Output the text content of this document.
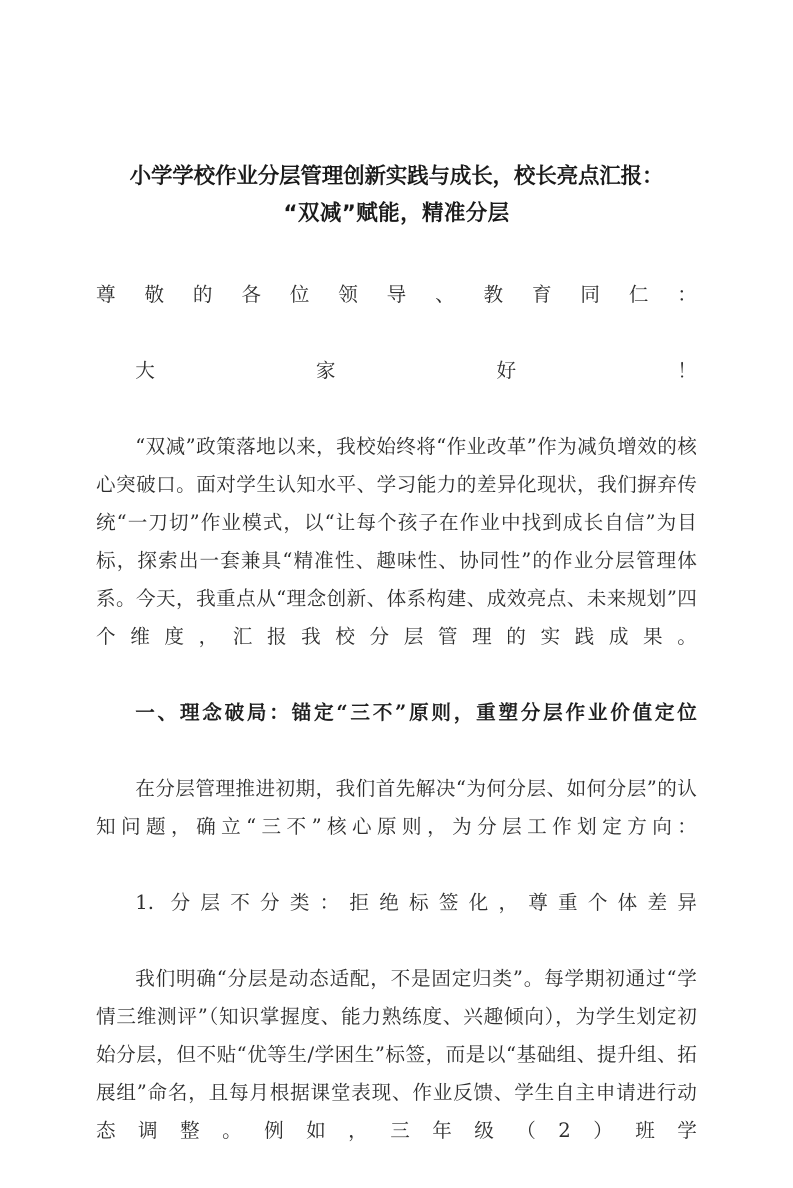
小学学校作业分层管理创新实践与成长，校长亮点汇报：
“双减”赋能，精准分层

尊敬的各位领导、教育同仁：

大家好！

“双减”政策落地以来，我校始终将“作业改革”作为减负增效的核心突破口。面对学生认知水平、学习能力的差异化现状，我们摒弃传统“一刀切”作业模式，以“让每个孩子在作业中找到成长自信”为目标，探索出一套兼具“精准性、趣味性、协同性”的作业分层管理体系。今天，我重点从“理念创新、体系构建、成效亮点、未来规划”四个维度，汇报我校分层管理的实践成果。

一、理念破局：锚定“三不”原则，重塑分层作业价值定位

在分层管理推进初期，我们首先解决“为何分层、如何分层”的认知问题，确立“三不”核心原则，为分层工作划定方向：

1. 分层不分类：拒绝标签化，尊重个体差异

我们明确“分层是动态适配，不是固定归类”。每学期初通过“学情三维测评”（知识掌握度、能力熟练度、兴趣倾向），为学生划定初始分层，但不贴“优等生/学困生”标签，而是以“基础组、提升组、拓展组”命名，且每月根据课堂表现、作业反馈、学生自主申请进行动态调整。例如，三年级（2）班学
